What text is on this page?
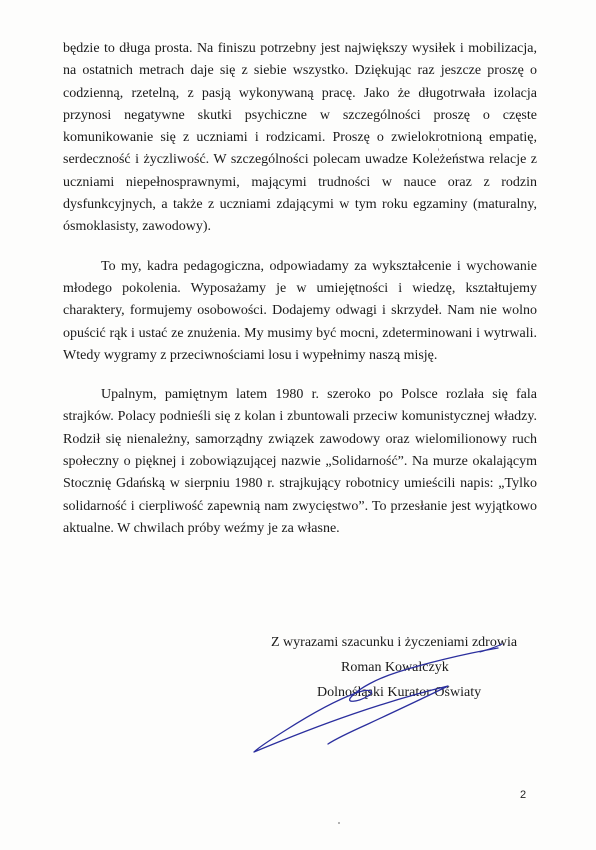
będzie to długa prosta. Na finiszu potrzebny jest największy wysiłek i mobilizacja, na ostatnich metrach daje się z siebie wszystko. Dziękując raz jeszcze proszę o codzienną, rzetelną, z pasją wykonywaną pracę. Jako że długotrwała izolacja przynosi negatywne skutki psychiczne w szczególności proszę o częste komunikowanie się z uczniami i rodzicami. Proszę o zwielokrotnioną empatię, serdeczność i życzliwość. W szczególności polecam uwadze Koleżeństwa relacje z uczniami niepełnosprawnymi, mającymi trudności w nauce oraz z rodzin dysfunkcyjnych, a także z uczniami zdającymi w tym roku egzaminy (maturalny, ósmoklasisty, zawodowy).

To my, kadra pedagogiczna, odpowiadamy za wykształcenie i wychowanie młodego pokolenia. Wyposażamy je w umiejętności i wiedzę, kształtujemy charaktery, formujemy osobowości. Dodajemy odwagi i skrzydeł. Nam nie wolno opuścić rąk i ustać ze znużenia. My musimy być mocni, zdeterminowani i wytrwali. Wtedy wygramy z przeciwnościami losu i wypełnimy naszą misję.

Upalnym, pamiętnym latem 1980 r. szeroko po Polsce rozlała się fala strajków. Polacy podnieśli się z kolan i zbuntowali przeciw komunistycznej władzy. Rodził się nienależny, samorządny związek zawodowy oraz wielomilionowy ruch społeczny o pięknej i zobowiązującej nazwie „Solidarność”. Na murze okalającym Stocznię Gdańską w sierpniu 1980 r. strajkujący robotnicy umieścili napis: „Tylko solidarność i cierpliwość zapewnią nam zwycięstwo”. To przesłanie jest wyjątkowo aktualne. W chwilach próby weźmy je za własne.

Z wyrazami szacunku i życzeniami zdrowia
Roman Kowalczyk
Dolnośląski Kurator Oświaty
2
